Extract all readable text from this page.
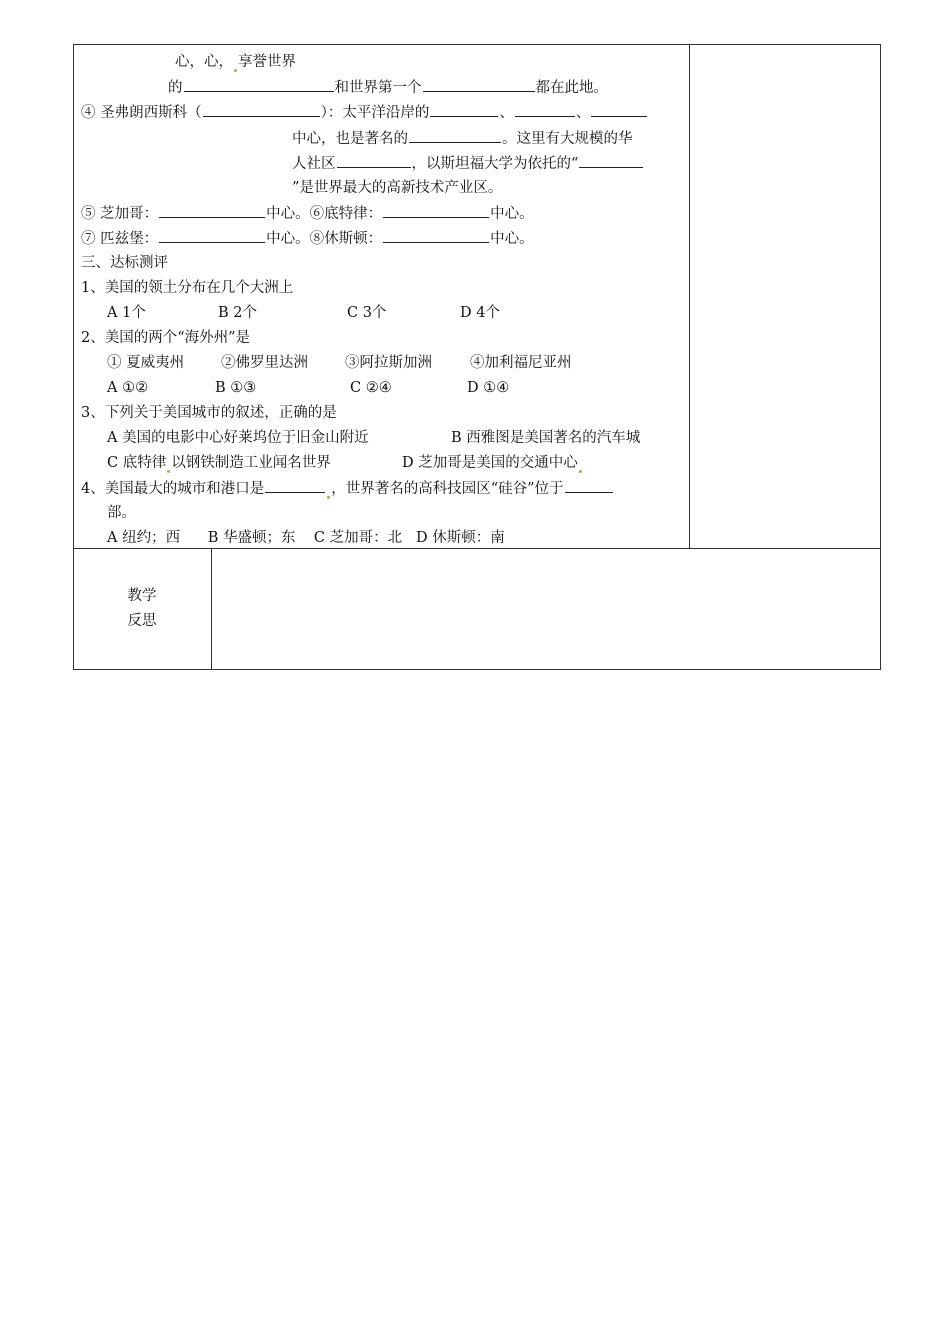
心，心， 享誉世界
的	和世界第一个	都在此地。
④ 圣弗朗西斯科（	）：太平洋沿岸的	、	、
中心，也是著名的	。这里有大规模的华
人社区	，以斯坦福大学为依托的“
”是世界最大的高新技术产业区。
⑤ 芝加哥：	中心。⑥底特律：	中心。
⑦ 匹兹堡：	中心。⑧休斯顿：	中心。
三、达标测评
1、美国的领土分布在几个大洲上
A 1个	B 2个	C 3个	D 4个
2、美国的两个“海外州”是
① 夏威夷州	②佛罗里达洲	③阿拉斯加洲	④加利福尼亚州
A ①②	B ①③	C ②④	D ①④
3、下列关于美国城市的叙述，正确的是
A 美国的电影中心好莱坞位于旧金山附近	B 西雅图是美国著名的汽车城
C 底特律 以钢铁制造工业闻名世界	D 芝加哥是美国的交通中心
4、美国最大的城市和港口是	，世界著名的高科技园区“硅谷”位于
部。
A 纽约；西      B 华盛顿；东    C 芝加哥：北   D 休斯顿：南
教学
反思
